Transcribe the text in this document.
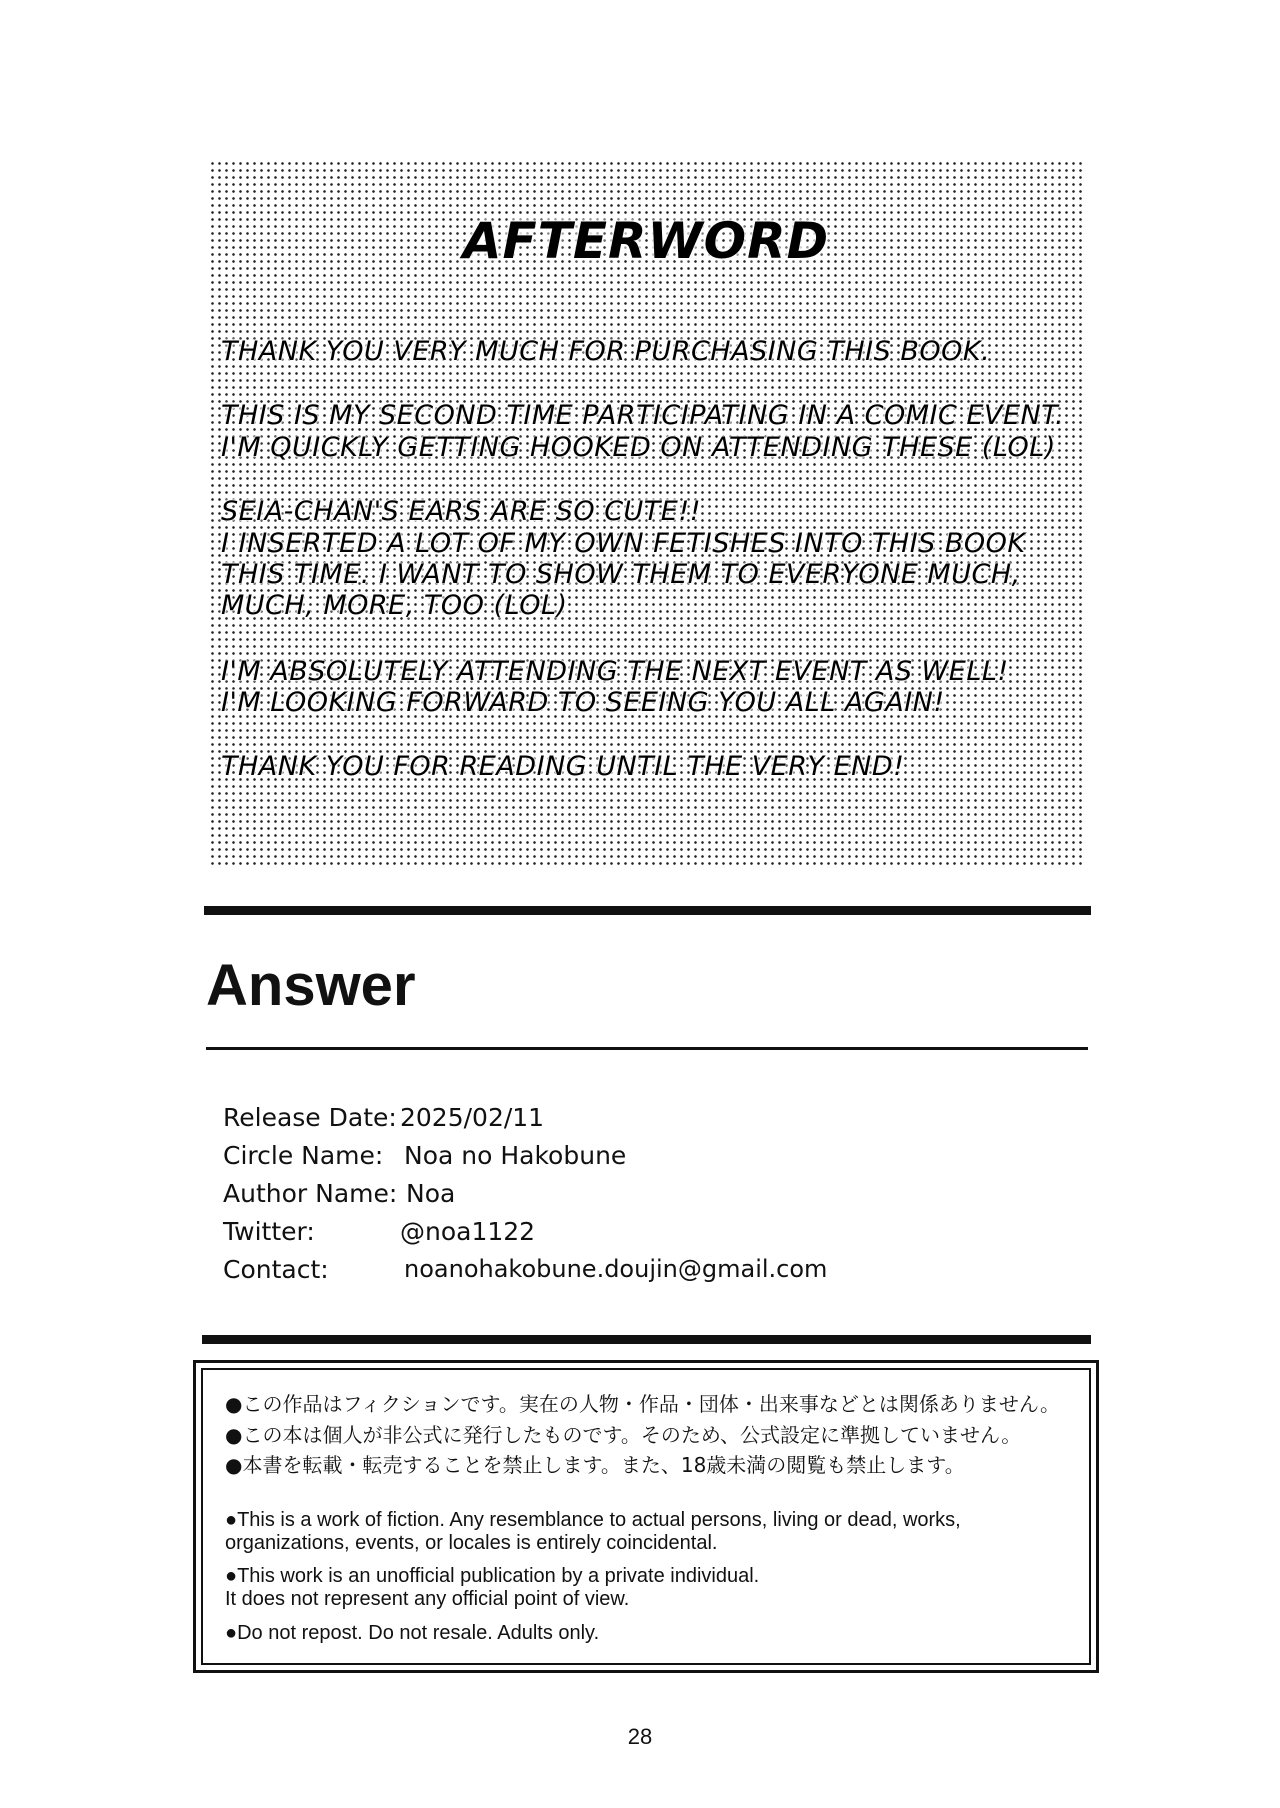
AFTERWORD
THANK YOU VERY MUCH FOR PURCHASING THIS BOOK.
THIS IS MY SECOND TIME PARTICIPATING IN A COMIC EVENT.
I'M QUICKLY GETTING HOOKED ON ATTENDING THESE (LOL)
SEIA-CHAN'S EARS ARE SO CUTE!!
I INSERTED A LOT OF MY OWN FETISHES INTO THIS BOOK
THIS TIME. I WANT TO SHOW THEM TO EVERYONE MUCH,
MUCH, MORE, TOO (LOL)
I'M ABSOLUTELY ATTENDING THE NEXT EVENT AS WELL!
I'M LOOKING FORWARD TO SEEING YOU ALL AGAIN!
THANK YOU FOR READING UNTIL THE VERY END!
Answer
Release Date: 2025/02/11
Circle Name: Noa no Hakobune
Author Name: Noa
Twitter:	@noa1122
Contact:	noanohakobune.doujin@gmail.com
●この作品はフィクションです。実在の人物・作品・団体・出来事などとは関係ありません。
●この本は個人が非公式に発行したものです。そのため、公式設定に準拠していません。
●本書を転載・転売することを禁止します。また、18歳未満の閲覧も禁止します。
●This is a work of fiction. Any resemblance to actual persons, living or dead, works,
organizations, events, or locales is entirely coincidental.
●This work is an unofficial publication by a private individual.
It does not represent any official point of view.
●Do not repost. Do not resale. Adults only.
28
